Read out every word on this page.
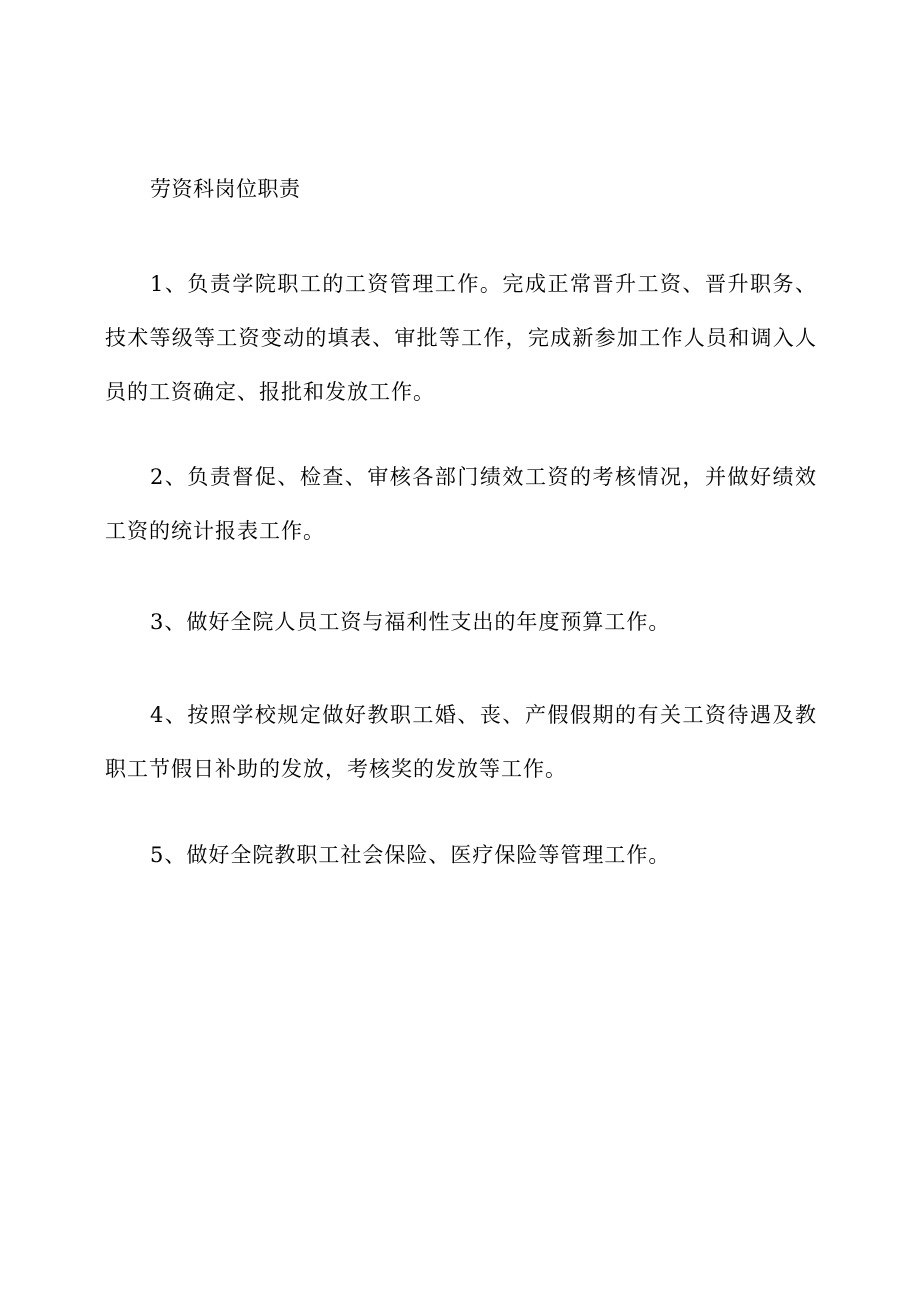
劳资科岗位职责

1、负责学院职工的工资管理工作。完成正常晋升工资、晋升职务、技术等级等工资变动的填表、审批等工作，完成新参加工作人员和调入人员的工资确定、报批和发放工作。

2、负责督促、检查、审核各部门绩效工资的考核情况，并做好绩效工资的统计报表工作。

3、做好全院人员工资与福利性支出的年度预算工作。

4、按照学校规定做好教职工婚、丧、产假假期的有关工资待遇及教职工节假日补助的发放，考核奖的发放等工作。

5、做好全院教职工社会保险、医疗保险等管理工作。
